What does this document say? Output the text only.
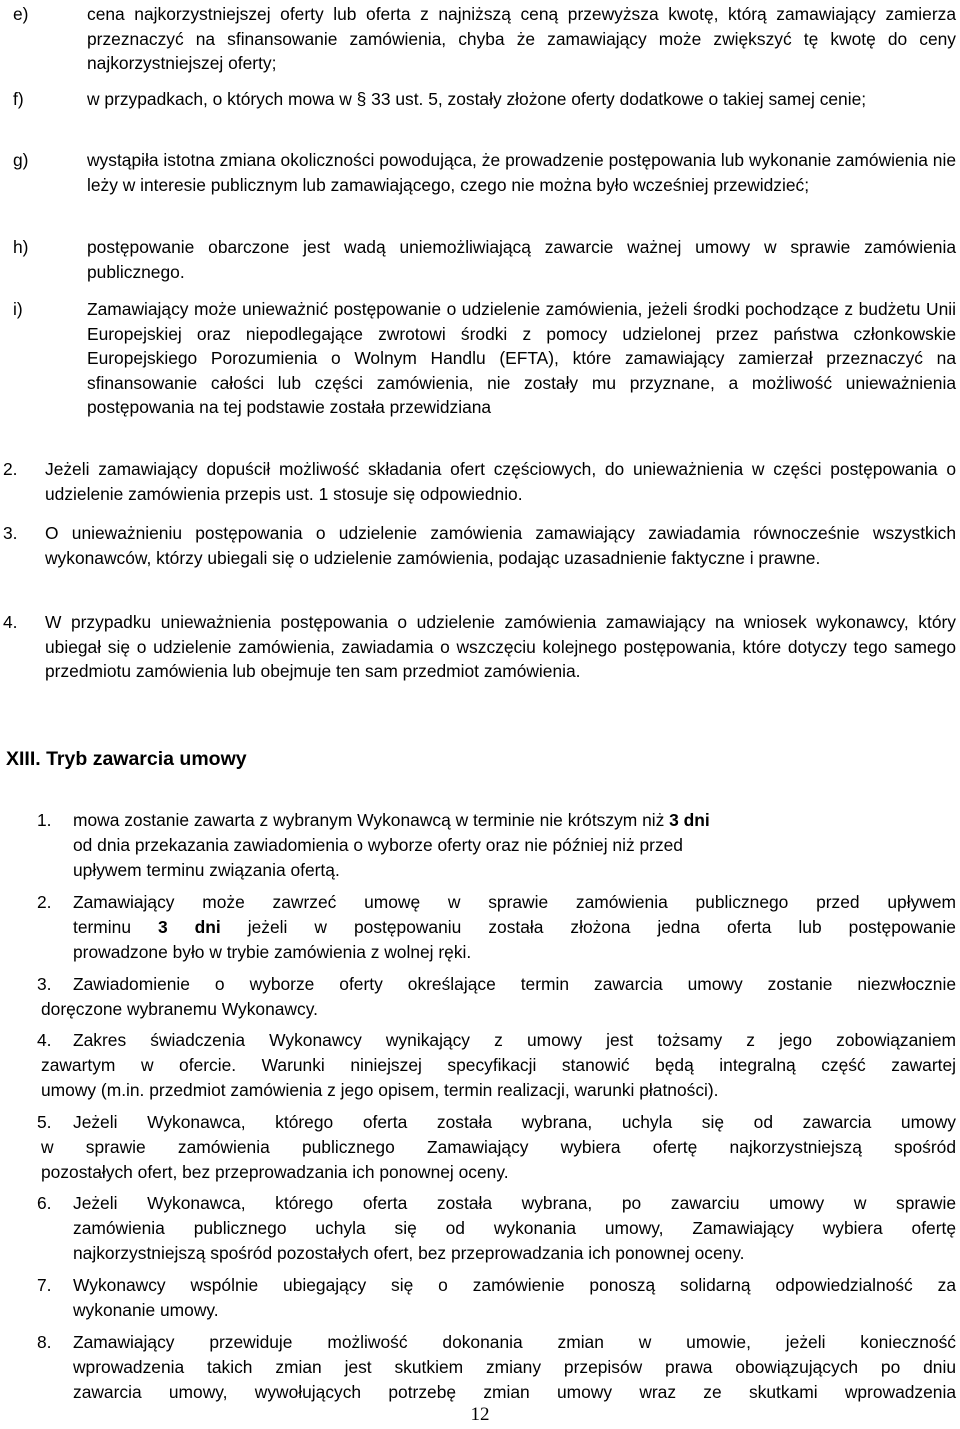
e)	cena najkorzystniejszej oferty lub oferta z najniższą ceną przewyższa kwotę, którą zamawiający zamierza przeznaczyć na sfinansowanie zamówienia, chyba że zamawiający może zwiększyć tę kwotę do ceny najkorzystniejszej oferty;
f)	w przypadkach, o których mowa w § 33 ust. 5, zostały złożone oferty dodatkowe o takiej samej cenie;
g)	wystąpiła istotna zmiana okoliczności powodująca, że prowadzenie postępowania lub wykonanie zamówienia nie leży w interesie publicznym lub zamawiającego, czego nie można było wcześniej przewidzieć;
h)	postępowanie obarczone jest wadą uniemożliwiającą zawarcie ważnej umowy w sprawie zamówienia publicznego.
i)	Zamawiający może unieważnić postępowanie o udzielenie zamówienia, jeżeli środki pochodzące z budżetu Unii Europejskiej oraz niepodlegające zwrotowi środki z pomocy udzielonej przez państwa członkowskie Europejskiego Porozumienia o Wolnym Handlu (EFTA), które zamawiający zamierzał przeznaczyć na sfinansowanie całości lub części zamówienia, nie zostały mu przyznane, a możliwość unieważnienia postępowania na tej podstawie została przewidziana
2. Jeżeli zamawiający dopuścił możliwość składania ofert częściowych, do unieważnienia w części postępowania o udzielenie zamówienia przepis ust. 1 stosuje się odpowiednio.
3. O unieważnieniu postępowania o udzielenie zamówienia zamawiający zawiadamia równocześnie wszystkich wykonawców, którzy ubiegali się o udzielenie zamówienia, podając uzasadnienie faktyczne i prawne.
4. W przypadku unieważnienia postępowania o udzielenie zamówienia zamawiający na wniosek wykonawcy, który ubiegał się o udzielenie zamówienia, zawiadamia o wszczęciu kolejnego postępowania, które dotyczy tego samego przedmiotu zamówienia lub obejmuje ten sam przedmiot zamówienia.
XIII. Tryb zawarcia umowy
1. mowa zostanie zawarta z wybranym Wykonawcą w terminie nie krótszym niż 3 dni
od dnia przekazania zawiadomienia o wyborze oferty oraz nie później niż przed
upływem terminu związania ofertą.
2. Zamawiający może zawrzeć umowę w sprawie zamówienia publicznego przed upływem
terminu 3 dni jeżeli w postępowaniu została złożona jedna oferta lub postępowanie
prowadzone było w trybie zamówienia z wolnej ręki.
3. Zawiadomienie o wyborze oferty określające termin zawarcia umowy zostanie niezwłocznie
doręczone wybranemu Wykonawcy.
4. Zakres świadczenia Wykonawcy wynikający z umowy jest tożsamy z jego zobowiązaniem
zawartym w ofercie. Warunki niniejszej specyfikacji stanowić będą integralną część zawartej
umowy (m.in. przedmiot zamówienia z jego opisem, termin realizacji, warunki płatności).
5. Jeżeli Wykonawca, którego oferta została wybrana, uchyla się od zawarcia umowy
w sprawie zamówienia publicznego Zamawiający wybiera ofertę najkorzystniejszą spośród
pozostałych ofert, bez przeprowadzania ich ponownej oceny.
6. Jeżeli Wykonawca, którego oferta została wybrana, po zawarciu umowy w sprawie
zamówienia publicznego uchyla się od wykonania umowy, Zamawiający wybiera ofertę
najkorzystniejszą spośród pozostałych ofert, bez przeprowadzania ich ponownej oceny.
7. Wykonawcy wspólnie ubiegający się o zamówienie ponoszą solidarną odpowiedzialność za
wykonanie umowy.
8. Zamawiający przewiduje możliwość dokonania zmian w umowie, jeżeli konieczność
wprowadzenia takich zmian jest skutkiem zmiany przepisów prawa obowiązujących po dniu
zawarcia umowy, wywołujących potrzebę zmian umowy wraz ze skutkami wprowadzenia
12
